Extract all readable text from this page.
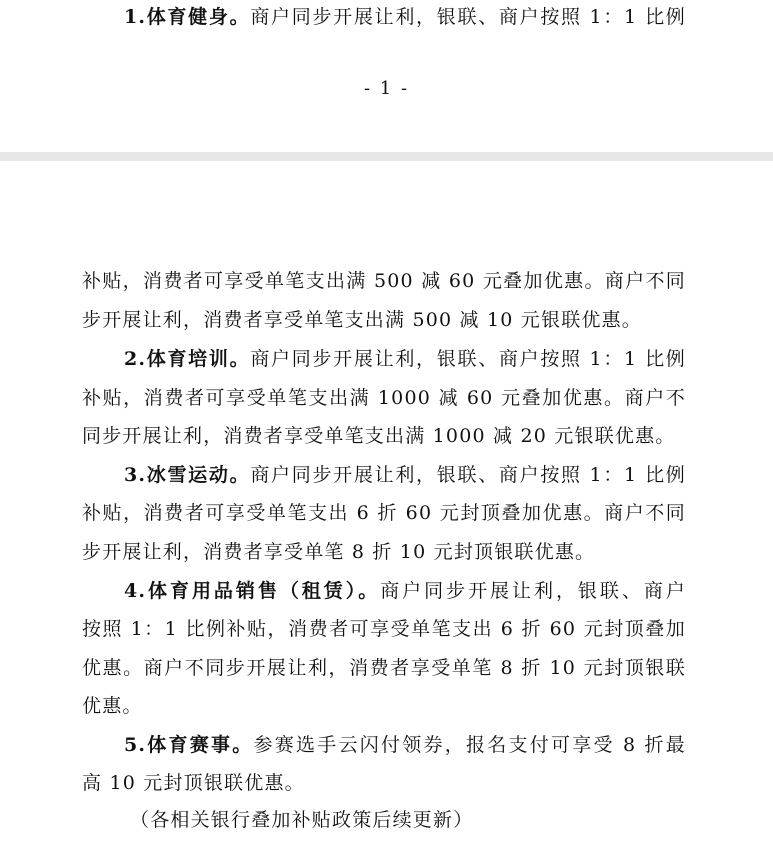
1.体育健身。商户同步开展让利，银联、商户按照 1：1 比例
- 1 -
补贴，消费者可享受单笔支出满 500 减 60 元叠加优惠。商户不同
步开展让利，消费者享受单笔支出满 500 减 10 元银联优惠。
2.体育培训。商户同步开展让利，银联、商户按照 1：1 比例
补贴，消费者可享受单笔支出满 1000 减 60 元叠加优惠。商户不
同步开展让利，消费者享受单笔支出满 1000 减 20 元银联优惠。
3.冰雪运动。商户同步开展让利，银联、商户按照 1：1 比例
补贴，消费者可享受单笔支出 6 折 60 元封顶叠加优惠。商户不同
步开展让利，消费者享受单笔 8 折 10 元封顶银联优惠。
4.体育用品销售（租赁）。商户同步开展让利，银联、商户
按照 1：1 比例补贴，消费者可享受单笔支出 6 折 60 元封顶叠加
优惠。商户不同步开展让利，消费者享受单笔 8 折 10 元封顶银联
优惠。
5.体育赛事。参赛选手云闪付领券，报名支付可享受 8 折最
高 10 元封顶银联优惠。
（各相关银行叠加补贴政策后续更新）
